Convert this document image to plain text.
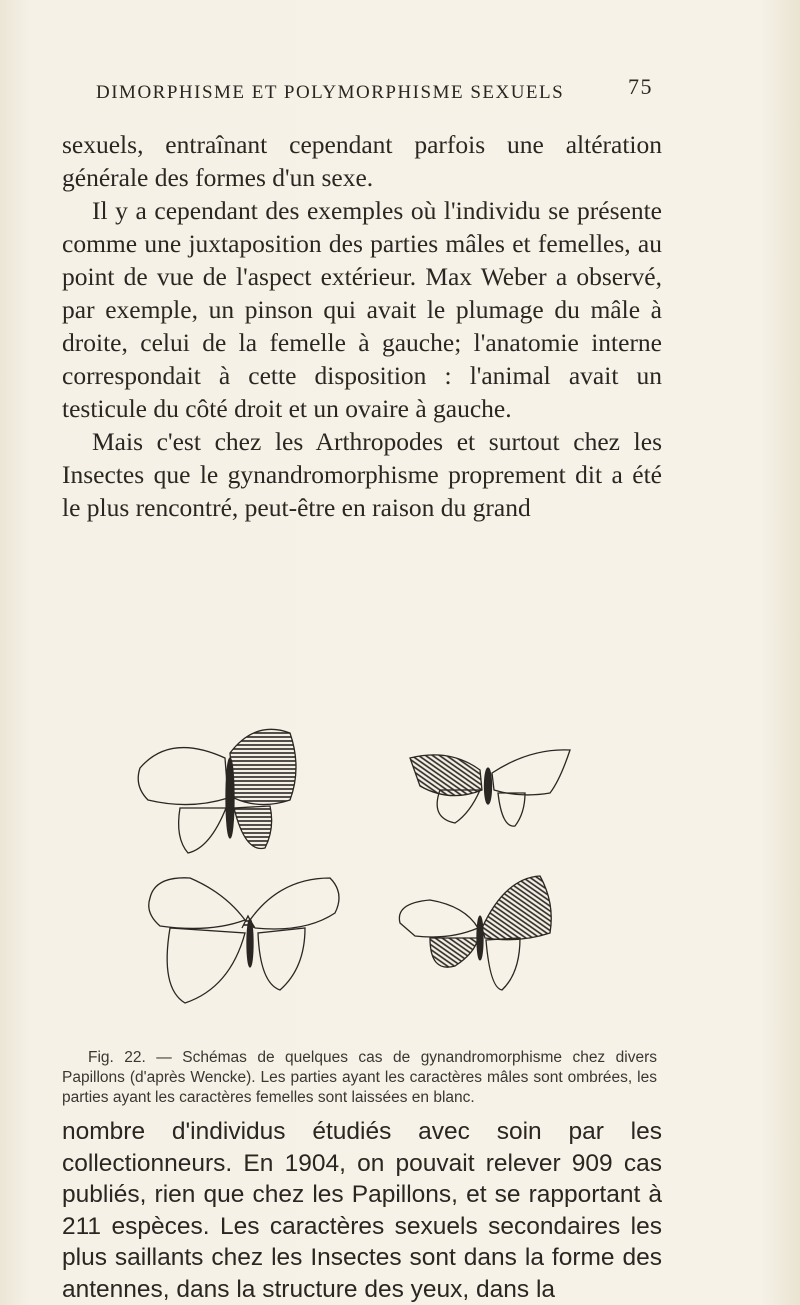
DIMORPHISME ET POLYMORPHISME SEXUELS	75

sexuels, entraînant cependant parfois une altération générale des formes d'un sexe.

Il y a cependant des exemples où l'individu se présente comme une juxtaposition des parties mâles et femelles, au point de vue de l'aspect extérieur. Max Weber a observé, par exemple, un pinson qui avait le plumage du mâle à droite, celui de la femelle à gauche; l'anatomie interne correspondait à cette disposition : l'animal avait un testicule du côté droit et un ovaire à gauche.

Mais c'est chez les Arthropodes et surtout chez les Insectes que le gynandromorphisme proprement dit a été le plus rencontré, peut-être en raison du grand

Fig. 22. — Schémas de quelques cas de gynandromorphisme chez divers Papillons (d'après Wencke). Les parties ayant les caractères mâles sont ombrées, les parties ayant les caractères femelles sont laissées en blanc.

nombre d'individus étudiés avec soin par les collectionneurs. En 1904, on pouvait relever 909 cas publiés, rien que chez les Papillons, et se rapportant à 211 espèces. Les caractères sexuels secondaires les plus saillants chez les Insectes sont dans la forme des antennes, dans la structure des yeux, dans la
